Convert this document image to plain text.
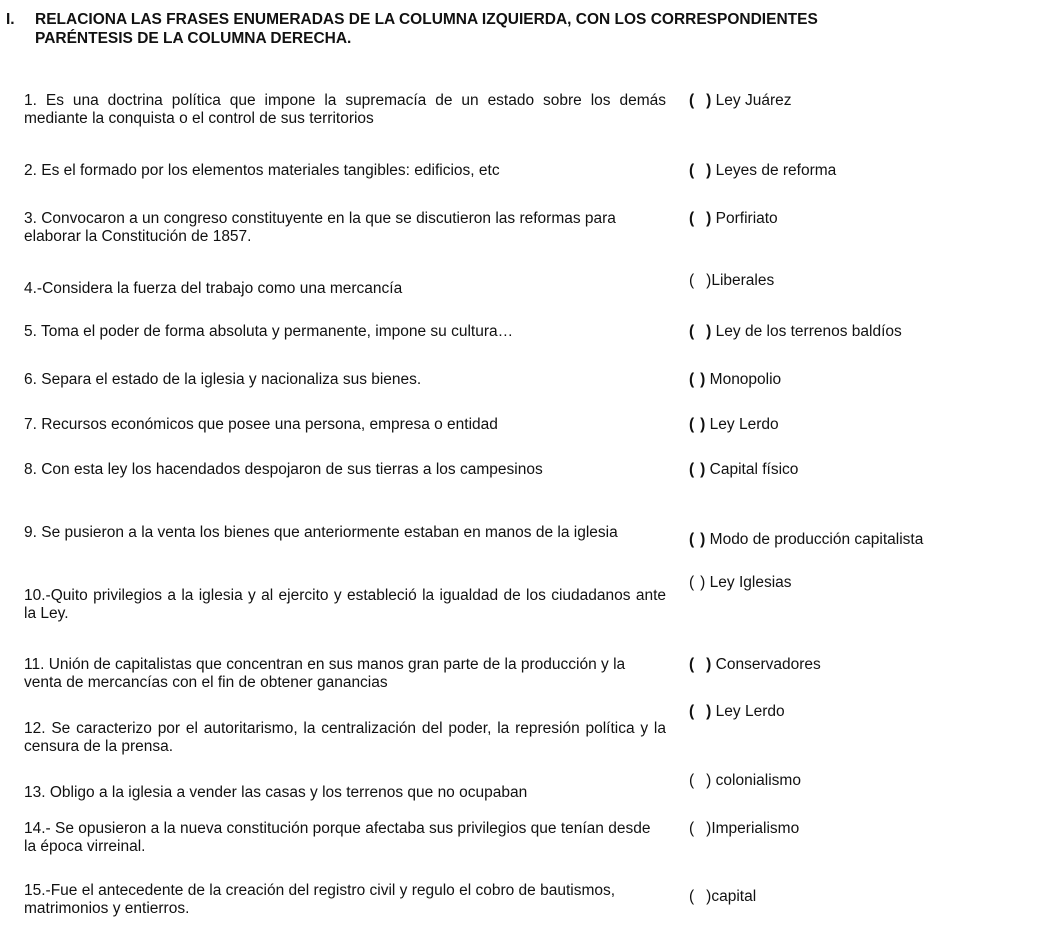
I. RELACIONA LAS FRASES ENUMERADAS DE LA COLUMNA IZQUIERDA, CON LOS CORRESPONDIENTES PARÉNTESIS DE LA COLUMNA DERECHA.
1. Es una doctrina política que impone la supremacía de un estado sobre los demás mediante la conquista o el control de sus territorios
( ) Ley Juárez
2. Es el formado por los elementos materiales tangibles: edificios, etc	( ) Leyes de reforma
3. Convocaron a un congreso constituyente en la que se discutieron las reformas para elaborar la Constitución de 1857.
( ) Porfiriato
4.-Considera la fuerza del trabajo como una mercancía	( )Liberales
5. Toma el poder de forma absoluta y permanente, impone su cultura…	( ) Ley de los terrenos baldíos
6. Separa el estado de la iglesia y nacionaliza sus bienes.	( ) Monopolio
7. Recursos económicos que posee una persona, empresa o entidad	( ) Ley Lerdo
8. Con esta ley los hacendados despojaron de sus tierras a los campesinos	( ) Capital físico
9. Se pusieron a la venta los bienes que anteriormente estaban en manos de la iglesia	( ) Modo de producción capitalista
10.-Quito privilegios a la iglesia y al ejercito y estableció la igualdad de los ciudadanos ante la Ley.
( ) Ley Iglesias
11. Unión de capitalistas que concentran en sus manos gran parte de la producción y la venta de mercancías con el fin de obtener ganancias
( ) Conservadores
12. Se caracterizo por el autoritarismo, la centralización del poder, la represión política y la censura de la prensa.
( ) Ley Lerdo
13. Obligo a la iglesia a vender las casas y los terrenos que no ocupaban
( ) colonialismo
14.- Se opusieron a la nueva constitución porque afectaba sus privilegios que tenían desde la época virreinal.
( )Imperialismo
15.-Fue el antecedente de la creación del registro civil y regulo el cobro de bautismos, matrimonios y entierros.
( )capital
